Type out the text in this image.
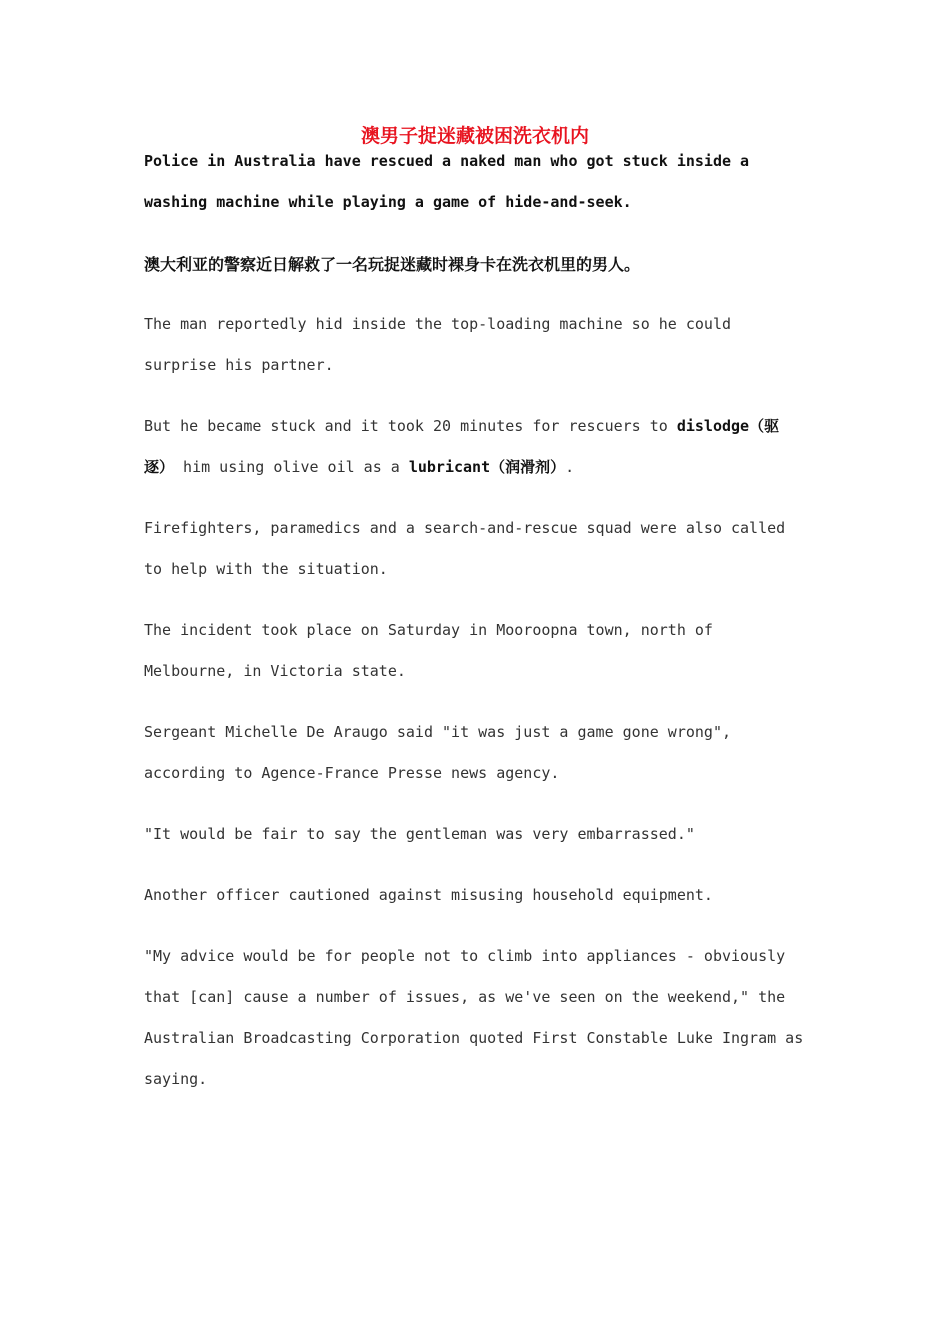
澳男子捉迷藏被困洗衣机内

Police in Australia have rescued a naked man who got stuck inside a washing machine while playing a game of hide-and-seek.

澳大利亚的警察近日解救了一名玩捉迷藏时裸身卡在洗衣机里的男人。

The man reportedly hid inside the top-loading machine so he could surprise his partner.

But he became stuck and it took 20 minutes for rescuers to dislodge（驱逐） him using olive oil as a lubricant（润滑剂）.

Firefighters, paramedics and a search-and-rescue squad were also called to help with the situation.

The incident took place on Saturday in Mooroopna town, north of Melbourne, in Victoria state.

Sergeant Michelle De Araugo said "it was just a game gone wrong", according to Agence-France Presse news agency.

"It would be fair to say the gentleman was very embarrassed."

Another officer cautioned against misusing household equipment.

"My advice would be for people not to climb into appliances - obviously that [can] cause a number of issues, as we've seen on the weekend," the Australian Broadcasting Corporation quoted First Constable Luke Ingram as saying.
